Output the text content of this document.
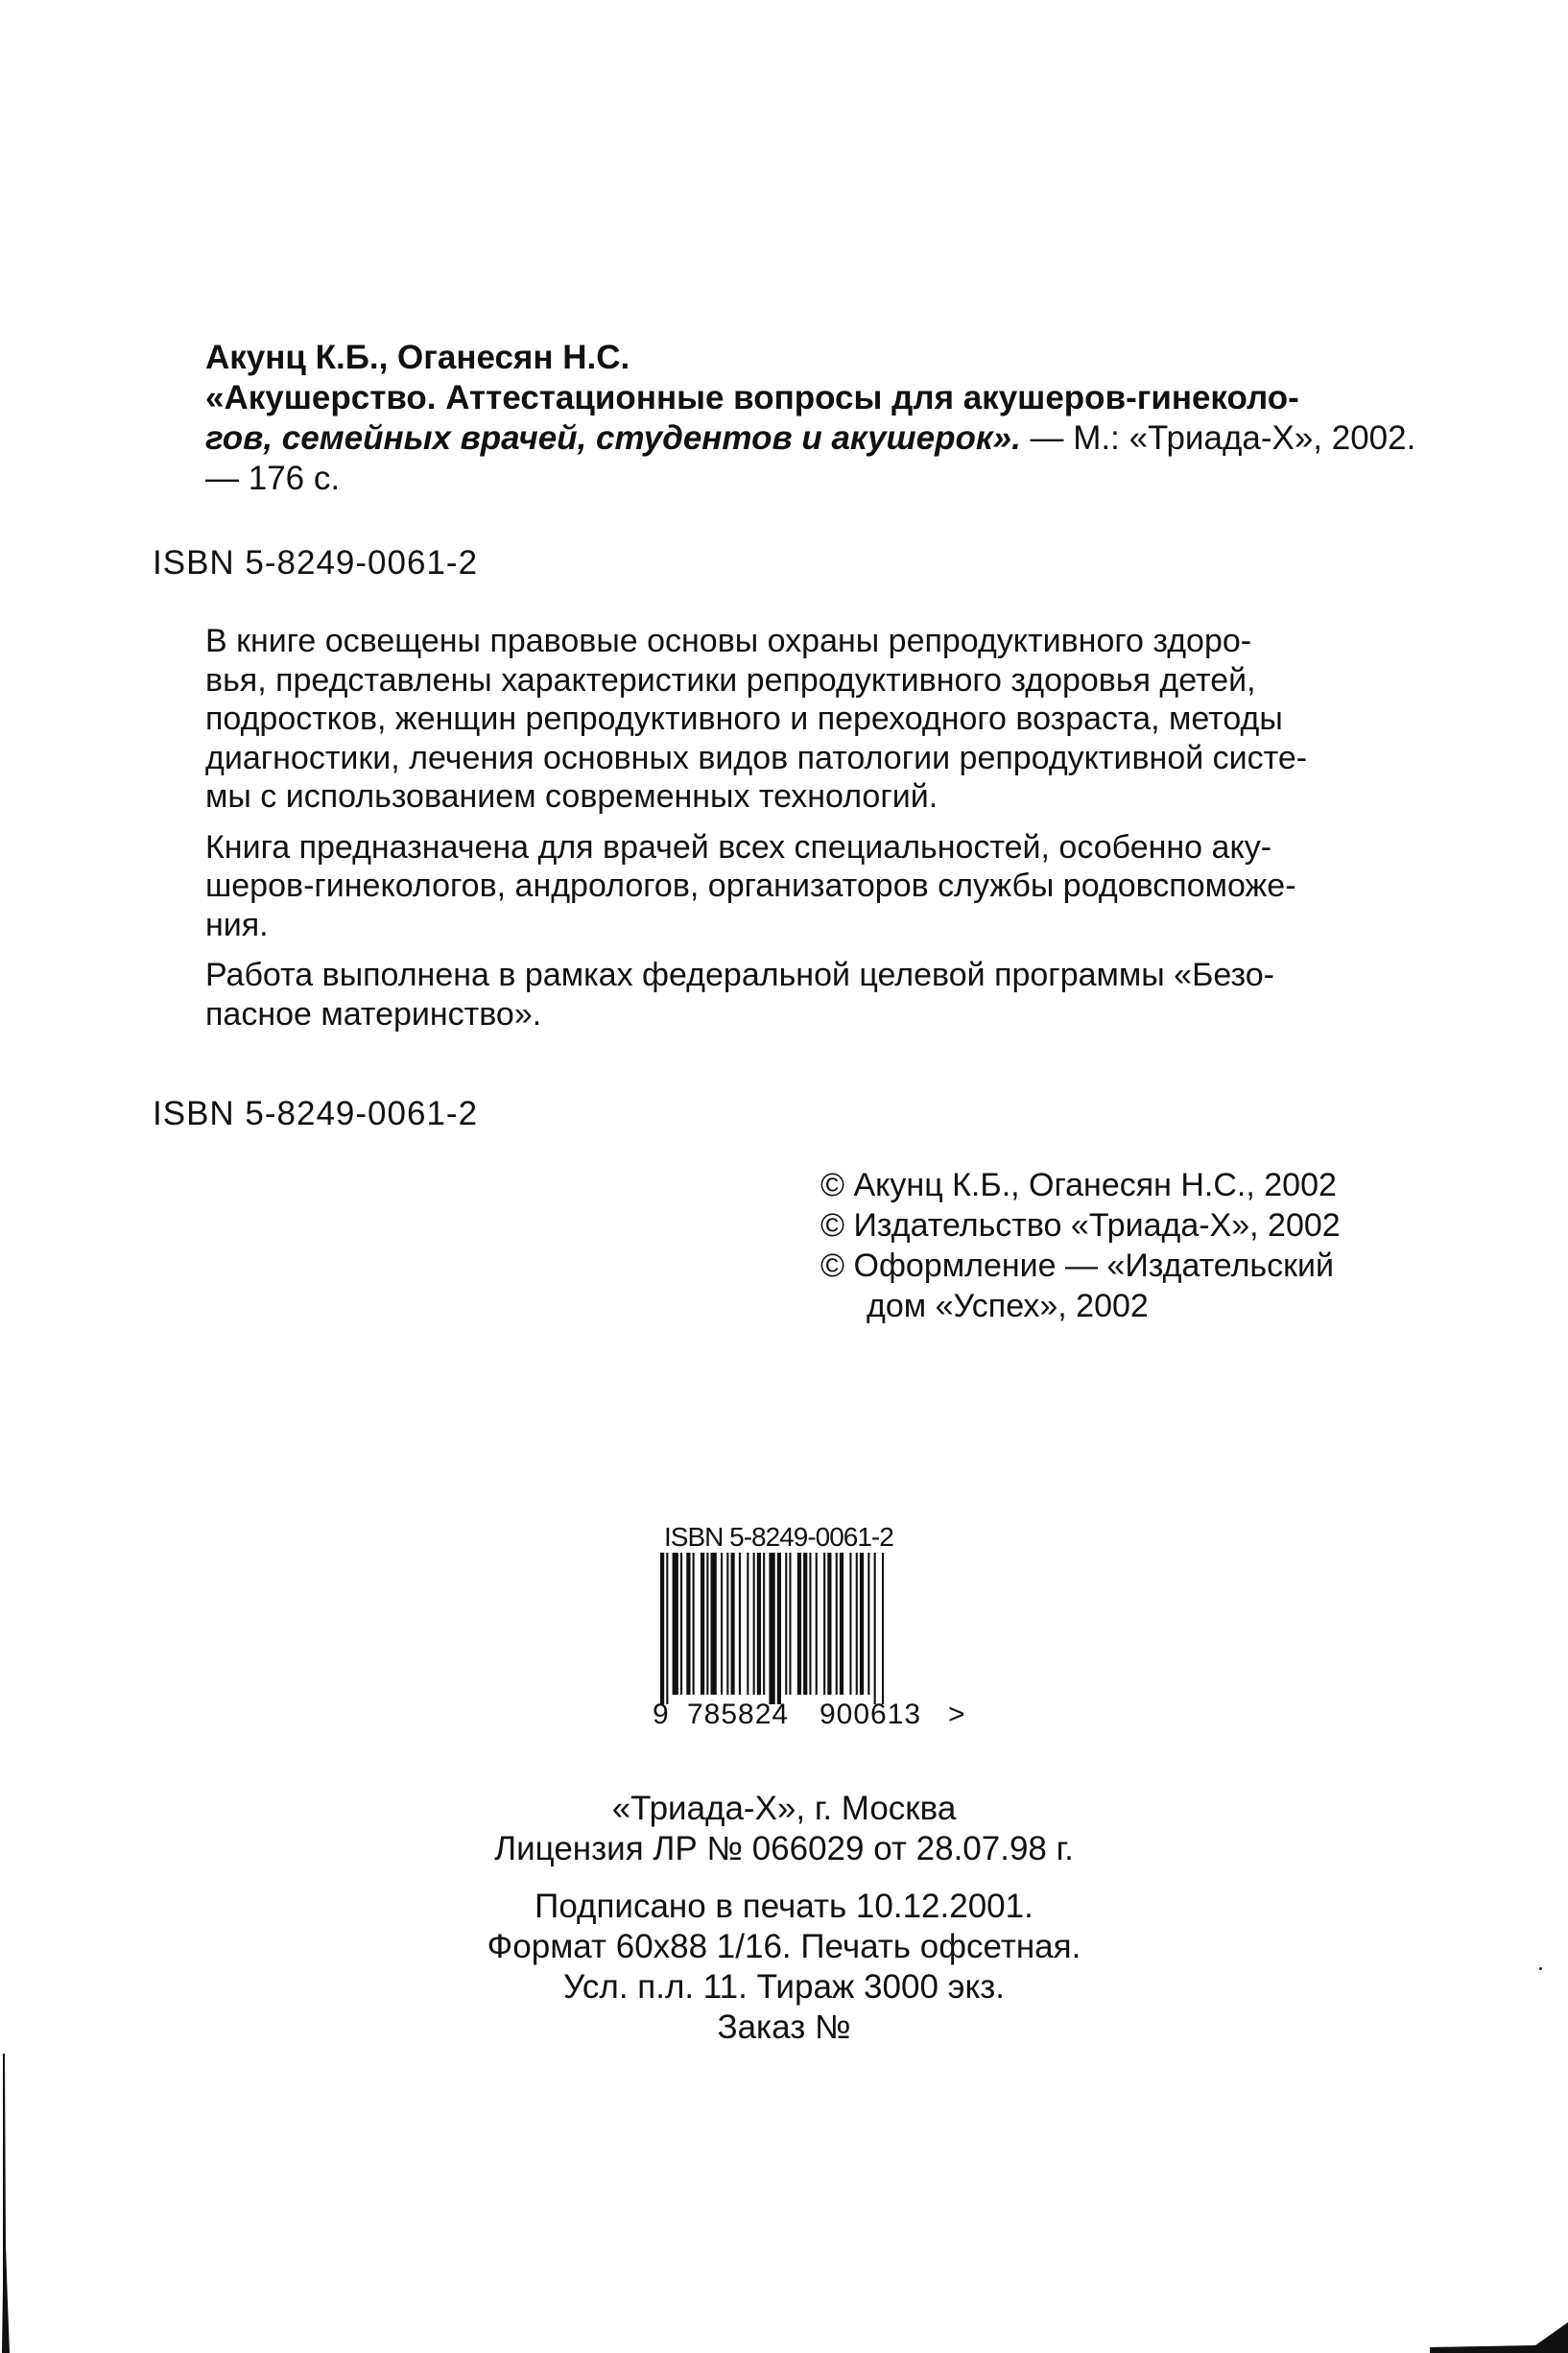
Акунц К.Б., Оганесян Н.С.
«Акушерство. Аттестационные вопросы для акушеров-гинеколо-
гов, семейных врачей, студентов и акушерок». — М.: «Триада-Х», 2002.
— 176 с.
ISBN 5-8249-0061-2
В книге освещены правовые основы охраны репродуктивного здоро-
вья, представлены характеристики репродуктивного здоровья детей,
подростков, женщин репродуктивного и переходного возраста, методы
диагностики, лечения основных видов патологии репродуктивной систе-
мы с использованием современных технологий.
Книга предназначена для врачей всех специальностей, особенно аку-
шеров-гинекологов, андрологов, организаторов службы родовспоможе-
ния.
Работа выполнена в рамках федеральной целевой программы «Безо-
пасное материнство».
ISBN 5-8249-0061-2
© Акунц К.Б., Оганесян Н.С., 2002
© Издательство «Триада-Х», 2002
© Оформление — «Издательский
дом «Успех», 2002
ISBN 5-8249-0061-2
9 785824 900613 >
«Триада-Х», г. Москва
Лицензия ЛР № 066029 от 28.07.98 г.
Подписано в печать 10.12.2001.
Формат 60x88 1/16. Печать офсетная.
Усл. п.л. 11. Тираж 3000 экз.
Заказ №
